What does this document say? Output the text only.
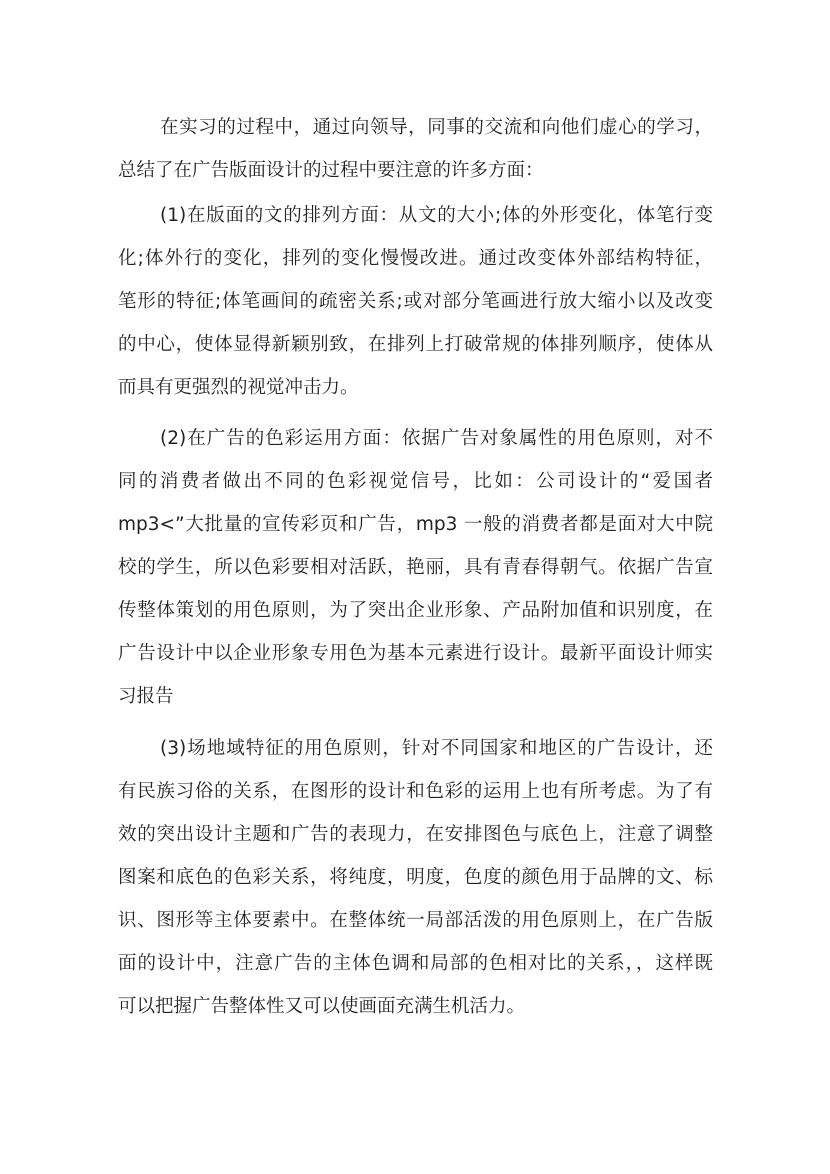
在实习的过程中，通过向领导，同事的交流和向他们虚心的学习，
总结了在广告版面设计的过程中要注意的许多方面：
(1)在版面的文的排列方面：从文的大小;体的外形变化，体笔行变
化;体外行的变化，排列的变化慢慢改进。通过改变体外部结构特征，
笔形的特征;体笔画间的疏密关系;或对部分笔画进行放大缩小以及改变
的中心，使体显得新颖别致，在排列上打破常规的体排列顺序，使体从
而具有更强烈的视觉冲击力。
(2)在广告的色彩运用方面：依据广告对象属性的用色原则，对不
同的消费者做出不同的色彩视觉信号，比如：公司设计的“爱国者
mp3<”大批量的宣传彩页和广告，mp3 一般的消费者都是面对大中院
校的学生，所以色彩要相对活跃，艳丽，具有青春得朝气。依据广告宣
传整体策划的用色原则，为了突出企业形象、产品附加值和识别度，在
广告设计中以企业形象专用色为基本元素进行设计。最新平面设计师实
习报告
(3)场地域特征的用色原则，针对不同国家和地区的广告设计，还
有民族习俗的关系，在图形的设计和色彩的运用上也有所考虑。为了有
效的突出设计主题和广告的表现力，在安排图色与底色上，注意了调整
图案和底色的色彩关系，将纯度，明度，色度的颜色用于品牌的文、标
识、图形等主体要素中。在整体统一局部活泼的用色原则上，在广告版
面的设计中，注意广告的主体色调和局部的色相对比的关系，，这样既
可以把握广告整体性又可以使画面充满生机活力。
